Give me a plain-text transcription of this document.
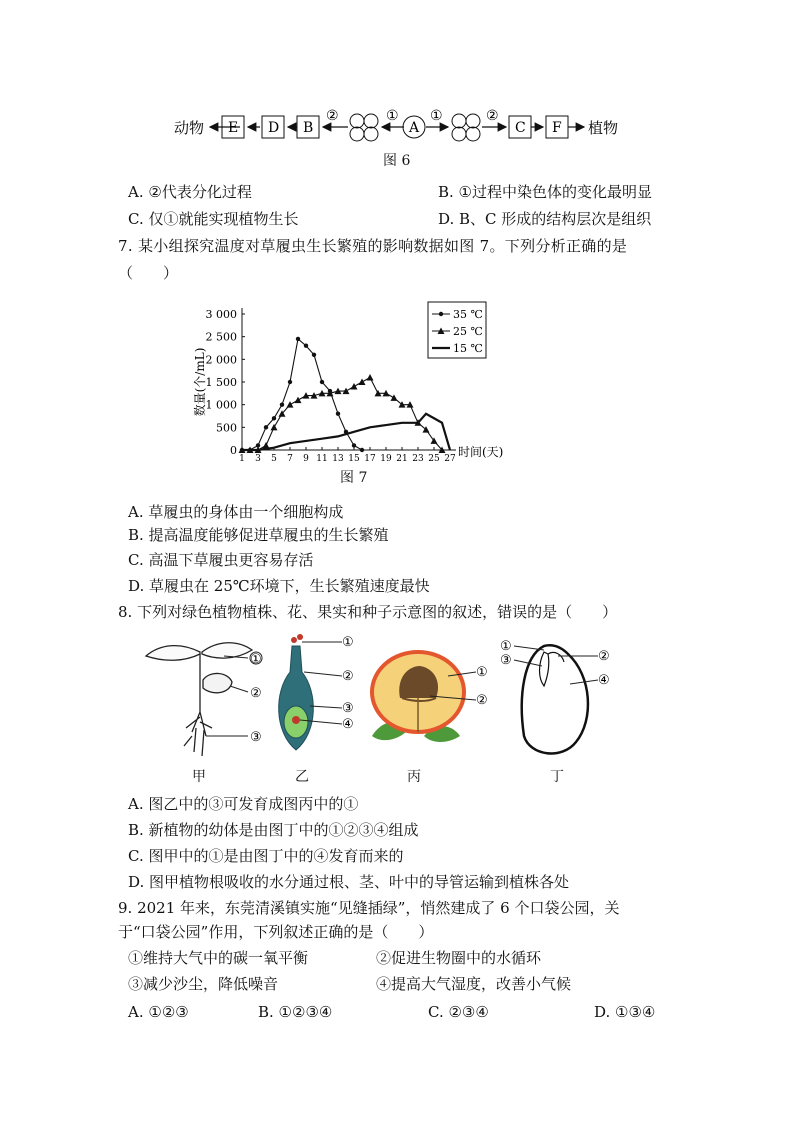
动物 E D B
②	①
A
①	②
C F 植物
图 6
A. ②代表分化过程	B. ①过程中染色体的变化最明显
C. 仅①就能实现植物生长	D. B、C 形成的结构层次是组织
7. 某小组探究温度对草履虫生长繁殖的影响数据如图 7。下列分析正确的是
（　　）
0
500
1 000
1 500
2 000
2 500
3 000
1 3 5 7 9 11 13 15 17 19 21 23 25 27 时间(天)
数量(个/mL)
35 ℃
25 ℃
15 ℃
图 7
A. 草履虫的身体由一个细胞构成
B. 提高温度能够促进草履虫的生长繁殖
C. 高温下草履虫更容易存活
D. 草履虫在 25℃环境下，生长繁殖速度最快
8. 下列对绿色植物植株、花、果实和种子示意图的叙述，错误的是（　　）
①
②
③
甲
①
②
③
④
乙
①
②
丙
①
③	②
④
丁
A. 图乙中的③可发育成图丙中的①
B. 新植物的幼体是由图丁中的①②③④组成
C. 图甲中的①是由图丁中的④发育而来的
D. 图甲植物根吸收的水分通过根、茎、叶中的导管运输到植株各处
9. 2021 年来，东莞清溪镇实施“见缝插绿”，悄然建成了 6 个口袋公园，关
于“口袋公园”作用，下列叙述正确的是（　　）
①维持大气中的碳一氧平衡	②促进生物圈中的水循环
③减少沙尘，降低噪音	④提高大气湿度，改善小气候
A. ①②③	B. ①②③④	C. ②③④	D. ①③④
